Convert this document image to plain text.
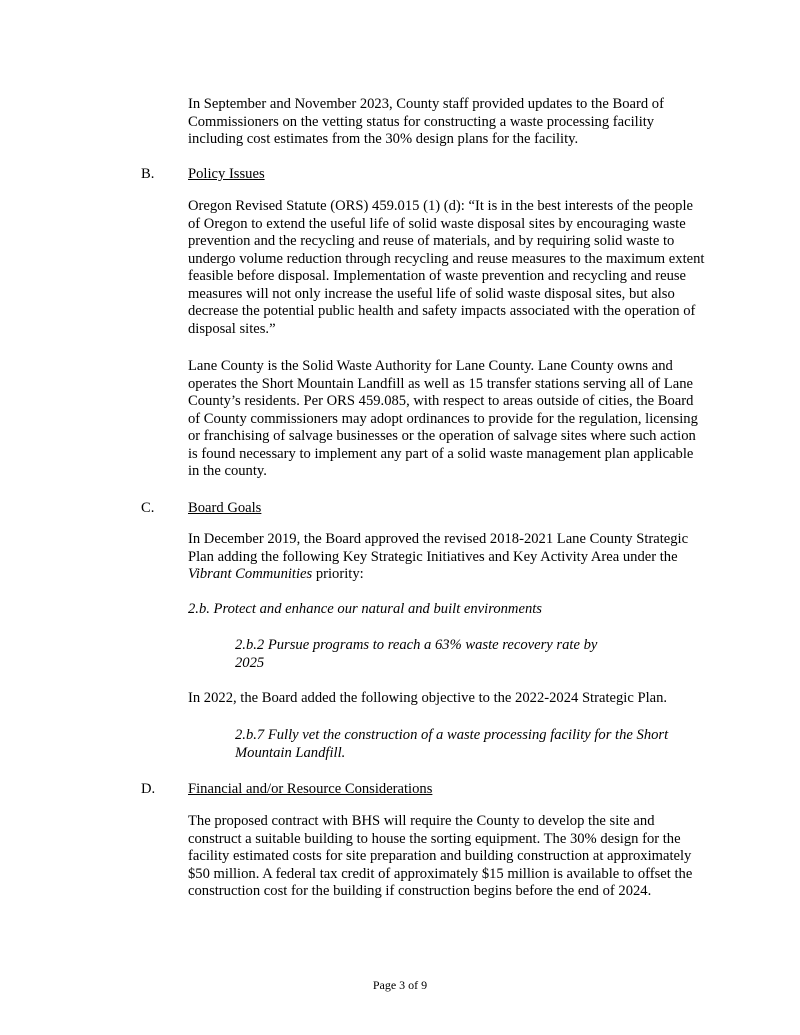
In September and November 2023, County staff provided updates to the Board of Commissioners on the vetting status for constructing a waste processing facility including cost estimates from the 30% design plans for the facility.

B. Policy Issues

Oregon Revised Statute (ORS) 459.015 (1) (d): “It is in the best interests of the people of Oregon to extend the useful life of solid waste disposal sites by encouraging waste prevention and the recycling and reuse of materials, and by requiring solid waste to undergo volume reduction through recycling and reuse measures to the maximum extent feasible before disposal. Implementation of waste prevention and recycling and reuse measures will not only increase the useful life of solid waste disposal sites, but also decrease the potential public health and safety impacts associated with the operation of disposal sites.”

Lane County is the Solid Waste Authority for Lane County. Lane County owns and operates the Short Mountain Landfill as well as 15 transfer stations serving all of Lane County’s residents. Per ORS 459.085, with respect to areas outside of cities, the Board of County commissioners may adopt ordinances to provide for the regulation, licensing or franchising of salvage businesses or the operation of salvage sites where such action is found necessary to implement any part of a solid waste management plan applicable in the county.

C. Board Goals

In December 2019, the Board approved the revised 2018-2021 Lane County Strategic Plan adding the following Key Strategic Initiatives and Key Activity Area under the Vibrant Communities priority:

2.b. Protect and enhance our natural and built environments

2.b.2 Pursue programs to reach a 63% waste recovery rate by 2025

In 2022, the Board added the following objective to the 2022-2024 Strategic Plan.

2.b.7 Fully vet the construction of a waste processing facility for the Short Mountain Landfill.

D. Financial and/or Resource Considerations

The proposed contract with BHS will require the County to develop the site and construct a suitable building to house the sorting equipment. The 30% design for the facility estimated costs for site preparation and building construction at approximately $50 million. A federal tax credit of approximately $15 million is available to offset the construction cost for the building if construction begins before the end of 2024.

Page 3 of 9
